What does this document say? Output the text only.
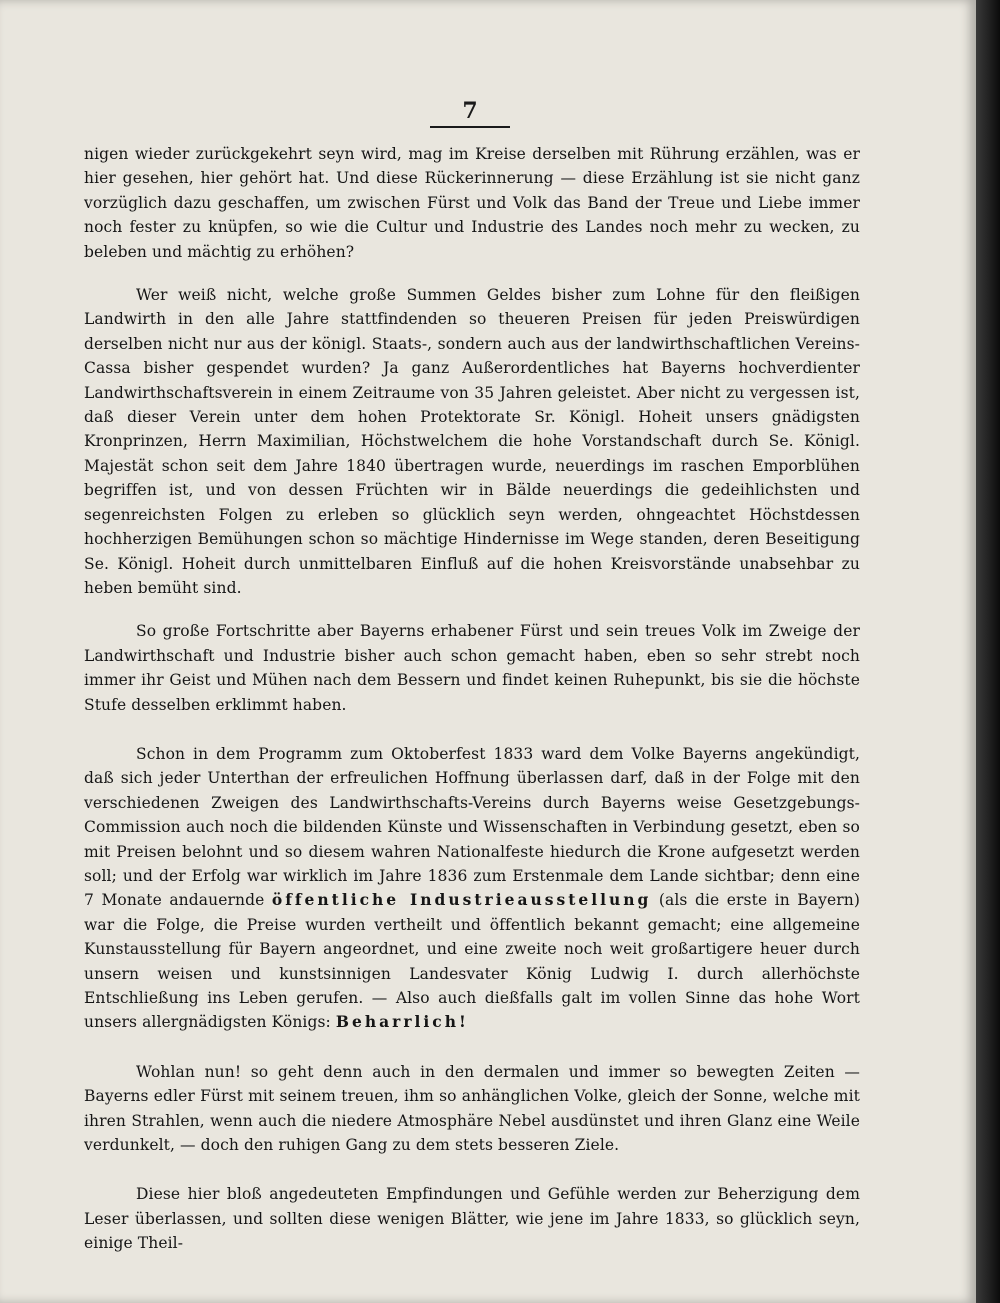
7

nigen wieder zurückgekehrt seyn wird, mag im Kreise derselben mit Rührung erzählen, was er hier gesehen, hier gehört hat. Und diese Rückerinnerung — diese Erzählung ist sie nicht ganz vorzüglich dazu geschaffen, um zwischen Fürst und Volk das Band der Treue und Liebe immer noch fester zu knüpfen, so wie die Cultur und Industrie des Landes noch mehr zu wecken, zu beleben und mächtig zu erhöhen?

Wer weiß nicht, welche große Summen Geldes bisher zum Lohne für den fleißigen Landwirth in den alle Jahre stattfindenden so theueren Preisen für jeden Preiswürdigen derselben nicht nur aus der königl. Staats-, sondern auch aus der landwirthschaftlichen Vereins-Cassa bisher gespendet wurden? Ja ganz Außerordentliches hat Bayerns hochverdienter Landwirthschaftsverein in einem Zeitraume von 35 Jahren geleistet. Aber nicht zu vergessen ist, daß dieser Verein unter dem hohen Protektorate Sr. Königl. Hoheit unsers gnädigsten Kronprinzen, Herrn Maximilian, Höchstwelchem die hohe Vorstandschaft durch Se. Königl. Majestät schon seit dem Jahre 1840 übertragen wurde, neuerdings im raschen Emporblühen begriffen ist, und von dessen Früchten wir in Bälde neuerdings die gedeihlichsten und segenreichsten Folgen zu erleben so glücklich seyn werden, ohngeachtet Höchstdessen hochherzigen Bemühungen schon so mächtige Hindernisse im Wege standen, deren Beseitigung Se. Königl. Hoheit durch unmittelbaren Einfluß auf die hohen Kreisvorstände unabsehbar zu heben bemüht sind.

So große Fortschritte aber Bayerns erhabener Fürst und sein treues Volk im Zweige der Landwirthschaft und Industrie bisher auch schon gemacht haben, eben so sehr strebt noch immer ihr Geist und Mühen nach dem Bessern und findet keinen Ruhepunkt, bis sie die höchste Stufe desselben erklimmt haben.

Schon in dem Programm zum Oktoberfest 1833 ward dem Volke Bayerns angekündigt, daß sich jeder Unterthan der erfreulichen Hoffnung überlassen darf, daß in der Folge mit den verschiedenen Zweigen des Landwirthschafts-Vereins durch Bayerns weise Gesetzgebungs-Commission auch noch die bildenden Künste und Wissenschaften in Verbindung gesetzt, eben so mit Preisen belohnt und so diesem wahren Nationalfeste hiedurch die Krone aufgesetzt werden soll; und der Erfolg war wirklich im Jahre 1836 zum Erstenmale dem Lande sichtbar; denn eine 7 Monate andauernde öffentliche Industrieausstellung (als die erste in Bayern) war die Folge, die Preise wurden vertheilt und öffentlich bekannt gemacht; eine allgemeine Kunstausstellung für Bayern angeordnet, und eine zweite noch weit großartigere heuer durch unsern weisen und kunstsinnigen Landesvater König Ludwig I. durch allerhöchste Entschließung ins Leben gerufen. — Also auch dießfalls galt im vollen Sinne das hohe Wort unsers allergnädigsten Königs: Beharrlich!

Wohlan nun! so geht denn auch in den dermalen und immer so bewegten Zeiten — Bayerns edler Fürst mit seinem treuen, ihm so anhänglichen Volke, gleich der Sonne, welche mit ihren Strahlen, wenn auch die niedere Atmosphäre Nebel ausdünstet und ihren Glanz eine Weile verdunkelt, — doch den ruhigen Gang zu dem stets besseren Ziele.

Diese hier bloß angedeuteten Empfindungen und Gefühle werden zur Beherzigung dem Leser überlassen, und sollten diese wenigen Blätter, wie jene im Jahre 1833, so glücklich seyn, einige Theil-
